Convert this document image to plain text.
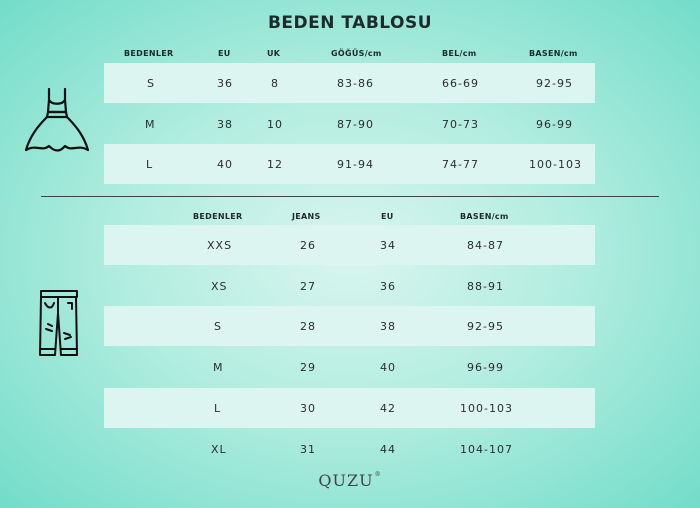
BEDEN TABLOSU
BEDENLER	EU	UK	GÖĞÜS/cm	BEL/cm	BASEN/cm
S	36	8	83-86	66-69	92-95
M	38	10	87-90	70-73	96-99
L	40	12	91-94	74-77	100-103
BEDENLER	JEANS	EU	BASEN/cm
XXS	26	34	84-87
XS	27	36	88-91
S	28	38	92-95
M	29	40	96-99
L	30	42	100-103
XL	31	44	104-107
QUZU®
